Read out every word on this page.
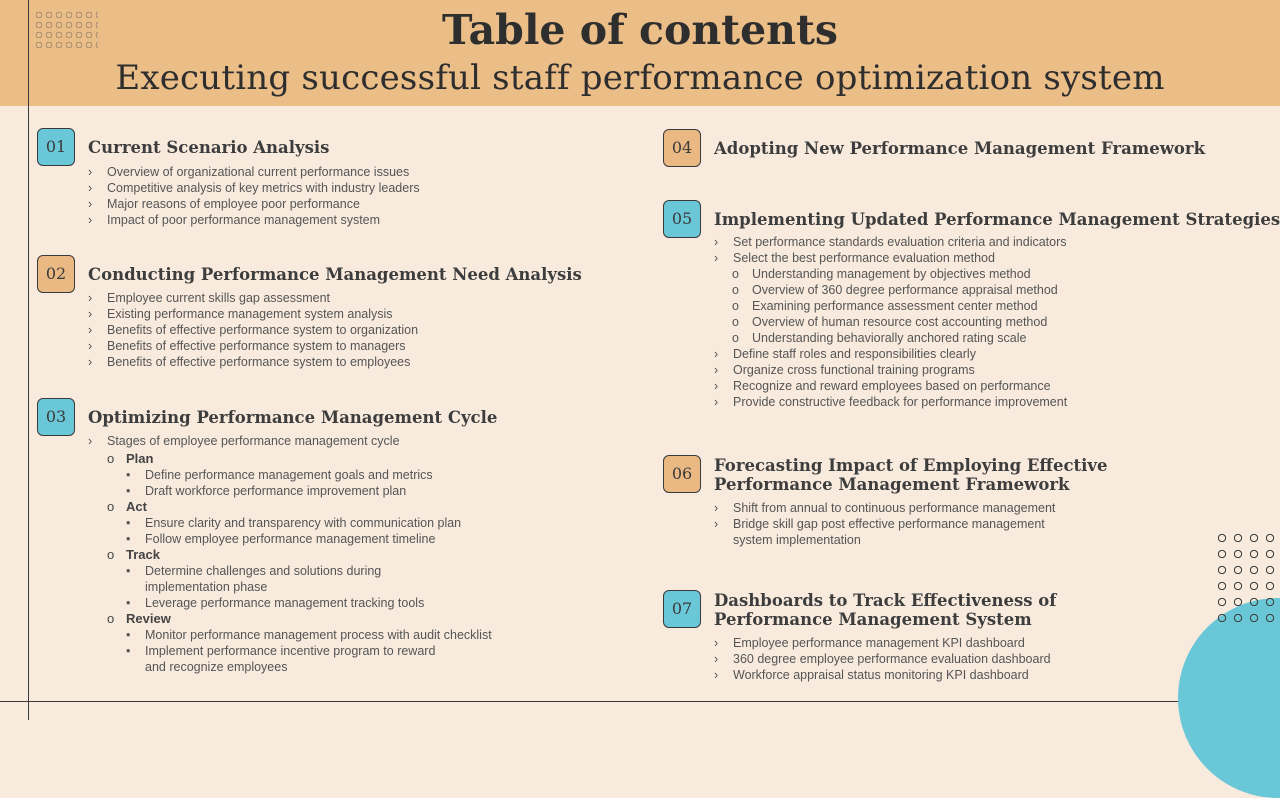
Table of contents
Executing successful staff performance optimization system
01	Current Scenario Analysis
› Overview of organizational current performance issues
› Competitive analysis of key metrics with industry leaders
› Major reasons of employee poor performance
› Impact of poor performance management system
02	Conducting Performance Management Need Analysis
› Employee current skills gap assessment
› Existing performance management system analysis
› Benefits of effective performance system to organization
› Benefits of effective performance system to managers
› Benefits of effective performance system to employees
03	Optimizing Performance Management Cycle
› Stages of employee performance management cycle
o Plan
• Define performance management goals and metrics
• Draft workforce performance improvement plan
o Act
• Ensure clarity and transparency with communication plan
• Follow employee performance management timeline
o Track
• Determine challenges and solutions during implementation phase
• Leverage performance management tracking tools
o Review
• Monitor performance management process with audit checklist
• Implement performance incentive program to reward and recognize employees
04	Adopting New Performance Management Framework
05	Implementing Updated Performance Management Strategies
› Set performance standards evaluation criteria and indicators
› Select the best performance evaluation method
o Understanding management by objectives method
o Overview of 360 degree performance appraisal method
o Examining performance assessment center method
o Overview of human resource cost accounting method
o Understanding behaviorally anchored rating scale
› Define staff roles and responsibilities clearly
› Organize cross functional training programs
› Recognize and reward employees based on performance
› Provide constructive feedback for performance improvement
06	Forecasting Impact of Employing Effective
Performance Management Framework
› Shift from annual to continuous performance management
› Bridge skill gap post effective performance management system implementation
07	Dashboards to Track Effectiveness of
Performance Management System
› Employee performance management KPI dashboard
› 360 degree employee performance evaluation dashboard
› Workforce appraisal status monitoring KPI dashboard
